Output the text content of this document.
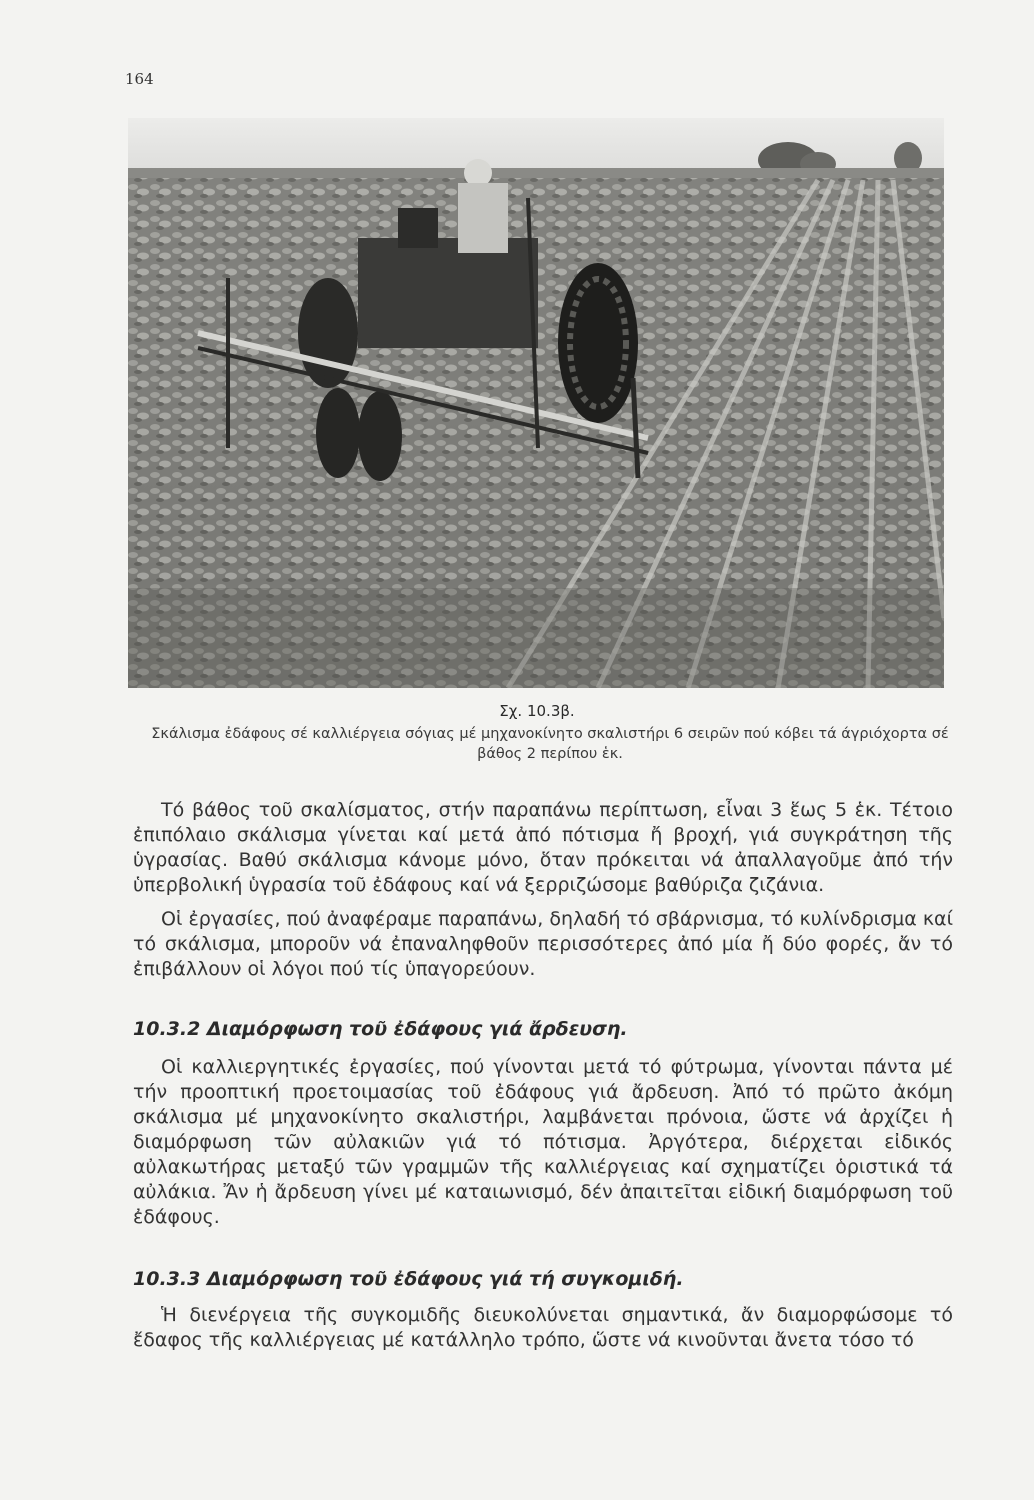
164
Σχ. 10.3β.
Σκάλισμα ἐδάφους σέ καλλιέργεια σόγιας μέ μηχανοκίνητο σκαλιστήρι 6 σειρῶν πού κόβει τά άγριόχορτα σέ βάθος 2 περίπου ἑκ.

Τό βάθος τοῦ σκαλίσματος, στήν παραπάνω περίπτωση, εἶναι 3 ἕως 5 ἑκ. Τέτοιο ἐπιπόλαιο σκάλισμα γίνεται καί μετά ἀπό πότισμα ἤ βροχή, γιά συγκράτηση τῆς ὑγρασίας. Βαθύ σκάλισμα κάνομε μόνο, ὅταν πρόκειται νά ἀπαλλαγοῦμε ἀπό τήν ὑπερβολική ὑγρασία τοῦ ἐδάφους καί νά ξερριζώσομε βαθύριζα ζιζάνια.

Οἱ ἐργασίες, πού ἀναφέραμε παραπάνω, δηλαδή τό σβάρνισμα, τό κυλίνδρισμα καί τό σκάλισμα, μποροῦν νά ἐπαναληφθοῦν περισσότερες ἀπό μία ἤ δύο φορές, ἄν τό ἐπιβάλλουν οἱ λόγοι πού τίς ὑπαγορεύουν.

10.3.2 Διαμόρφωση τοῦ ἐδάφους γιά ἄρδευση.

Οἱ καλλιεργητικές ἐργασίες, πού γίνονται μετά τό φύτρωμα, γίνονται πάντα μέ τήν προοπτική προετοιμασίας τοῦ ἐδάφους γιά ἄρδευση. Ἀπό τό πρῶτο ἀκόμη σκάλισμα μέ μηχανοκίνητο σκαλιστήρι, λαμβάνεται πρόνοια, ὥστε νά ἀρχίζει ἡ διαμόρφωση τῶν αὐλακιῶν γιά τό πότισμα. Ἀργότερα, διέρχεται εἰδικός αὐλακωτήρας μεταξύ τῶν γραμμῶν τῆς καλλιέργειας καί σχηματίζει ὁριστικά τά αὐλάκια. Ἄν ἡ ἄρδευση γίνει μέ καταιωνισμό, δέν ἀπαιτεῖται εἰδική διαμόρφωση τοῦ ἐδάφους.

10.3.3 Διαμόρφωση τοῦ ἐδάφους γιά τή συγκομιδή.

Ἡ διενέργεια τῆς συγκομιδῆς διευκολύνεται σημαντικά, ἄν διαμορφώσομε τό ἔδαφος τῆς καλλιέργειας μέ κατάλληλο τρόπο, ὥστε νά κινοῦνται ἄνετα τόσο τό
